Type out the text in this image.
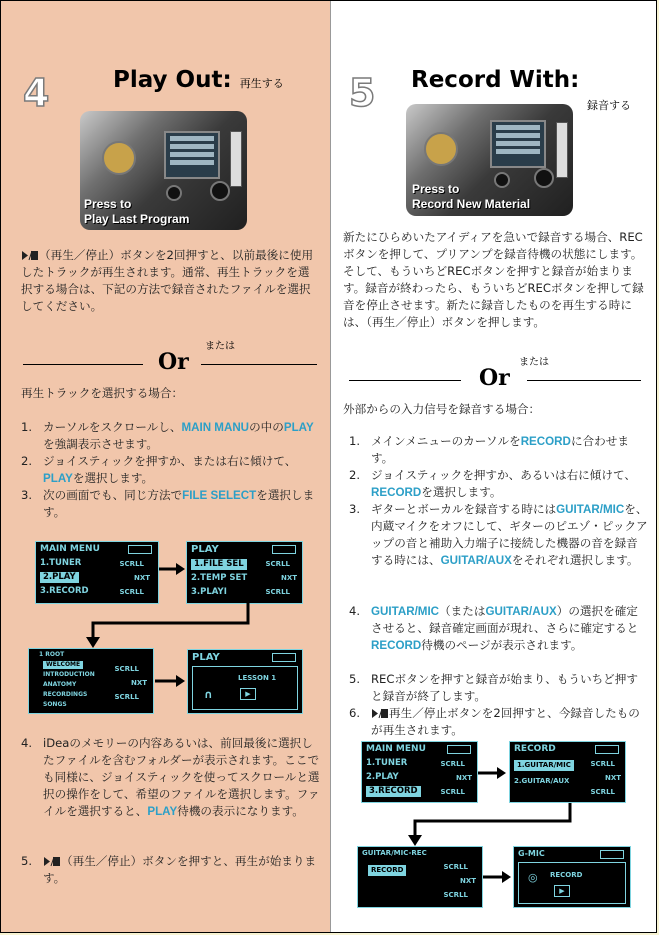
4	Play Out: 再生する
Press to
Play Last Program
（再生／停止）ボタンを2回押すと、以前最後に使用したトラックが再生されます。通常、再生トラックを選択する場合は、下記の方法で録音されたファイルを選択してください。
Or
または
再生トラックを選択する場合：
1. カーソルをスクロールし、MAIN MANUの中のPLAYを強調表示させます。
2. ジョイスティックを押すか、または右に傾けて、PLAYを選択します。
3. 次の画面でも、同じ方法でFILE SELECTを選択します。
MAIN MENU
1.TUNER
2.PLAY
3.RECORD
SCRLL
NXT
SCRLL
PLAY
1.FILE SEL
2.TEMP SET
3.PLAYI
SCRLL
NXT
SCRLL
1 ROOT
WELCOME
INTRODUCTION
ANATOMY
RECORDINGS
SONGS
SCRLL
NXT
SCRLL
PLAY
LESSON 1
∩	▶
4. iDeaのメモリーの内容あるいは、前回最後に選択したファイルを含むフォルダーが表示されます。ここでも同様に、ジョイスティックを使ってスクロールと選択の操作をして、希望のファイルを選択します。ファイルを選択すると、PLAY待機の表示になります。
5.	（再生／停止）ボタンを押すと、再生が始まります。
5 Record With:
録音する
Press to
Record New Material
新たにひらめいたアイディアを急いで録音する場合、RECボタンを押して、プリアンプを録音待機の状態にします。そして、もういちどRECボタンを押すと録音が始まります。録音が終わったら、もういちどRECボタンを押して録音を停止させます。新たに録音したものを再生する時には、（再生／停止）ボタンを押します。
Or
または
外部からの入力信号を録音する場合：
1. メインメニューのカーソルをRECORDに合わせます。
2. ジョイスティックを押すか、あるいは右に傾けて、RECORDを選択します。
3. ギターとボーカルを録音する時にはGUITAR/MICを、内蔵マイクをオフにして、ギターのピエゾ・ピックアップの音と補助入力端子に接続した機器の音を録音する時には、GUITAR/AUXをそれぞれ選択します。
4. GUITAR/MIC（またはGUITAR/AUX）の選択を確定させると、録音確定画面が現れ、さらに確定するとRECORD待機のページが表示されます。
5. RECボタンを押すと録音が始まり、もういちど押すと録音が終了します。
6.	再生／停止ボタンを2回押すと、今録音したものが再生されます。
MAIN MENU
1.TUNER
2.PLAY
3.RECORD
SCRLL
NXT
SCRLL
RECORD
1.GUITAR/MIC
2.GUITAR/AUX
SCRLL
NXT
SCRLL
GUITAR/MIC-REC
RECORD	SCRLL
NXT
SCRLL
G-MIC
◎ RECORD
▶
